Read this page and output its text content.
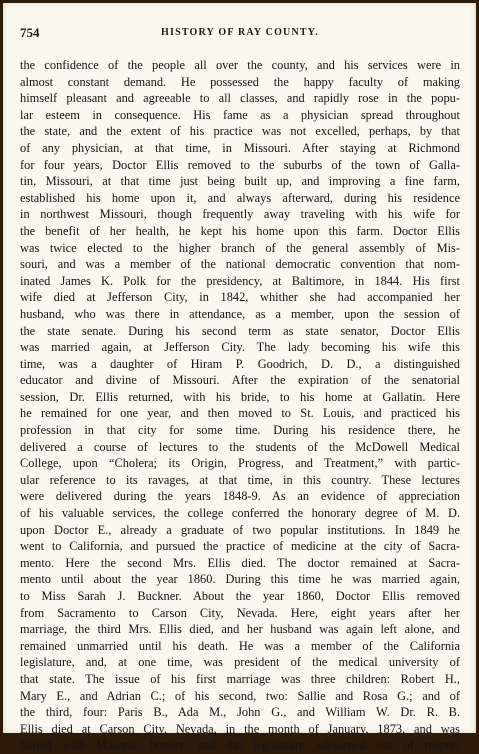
754	HISTORY OF RAY COUNTY.
the confidence of the people all over the county, and his services were in
almost constant demand. He possessed the happy faculty of making
himself pleasant and agreeable to all classes, and rapidly rose in the popu-
lar esteem in consequence. His fame as a physician spread throughout
the state, and the extent of his practice was not excelled, perhaps, by that
of any physician, at that time, in Missouri. After staying at Richmond
for four years, Doctor Ellis removed to the suburbs of the town of Galla-
tin, Missouri, at that time just being built up, and improving a fine farm,
established his home upon it, and always afterward, during his residence
in northwest Missouri, though frequently away traveling with his wife for
the benefit of her health, he kept his home upon this farm. Doctor Ellis
was twice elected to the higher branch of the general assembly of Mis-
souri, and was a member of the national democratic convention that nom-
inated James K. Polk for the presidency, at Baltimore, in 1844. His first
wife died at Jefferson City, in 1842, whither she had accompanied her
husband, who was there in attendance, as a member, upon the session of
the state senate. During his second term as state senator, Doctor Ellis
was married again, at Jefferson City. The lady becoming his wife this
time, was a daughter of Hiram P. Goodrich, D. D., a distinguished
educator and divine of Missouri. After the expiration of the senatorial
session, Dr. Ellis returned, with his bride, to his home at Gallatin. Here
he remained for one year, and then moved to St. Louis, and practiced his
profession in that city for some time. During his residence there, he
delivered a course of lectures to the students of the McDowell Medical
College, upon “Cholera; its Origin, Progress, and Treatment,” with partic-
ular reference to its ravages, at that time, in this country. These lectures
were delivered during the years 1848-9. As an evidence of appreciation
of his valuable services, the college conferred the honorary degree of M. D.
upon Doctor E., already a graduate of two popular institutions. In 1849 he
went to California, and pursued the practice of medicine at the city of Sacra-
mento. Here the second Mrs. Ellis died. The doctor remained at Sacra-
mento until about the year 1860. During this time he was married again,
to Miss Sarah J. Buckner. About the year 1860, Doctor Ellis removed
from Sacramento to Carson City, Nevada. Here, eight years after her
marriage, the third Mrs. Ellis died, and her husband was again left alone, and
remained unmarried until his death. He was a member of the California
legislature, and, at one time, was president of the medical university of
that state. The issue of his first marriage was three children: Robert H.,
Mary E., and Adrian C.; of his second, two: Sallie and Rosa G.; and of
the third, four: Paris B., Ada M., John G., and William W. Dr. R. B.
Ellis died at Carson City, Nevada, in the month of January, 1873, and was
buried with Masonic honors, and the legislature adjourned out of respect
